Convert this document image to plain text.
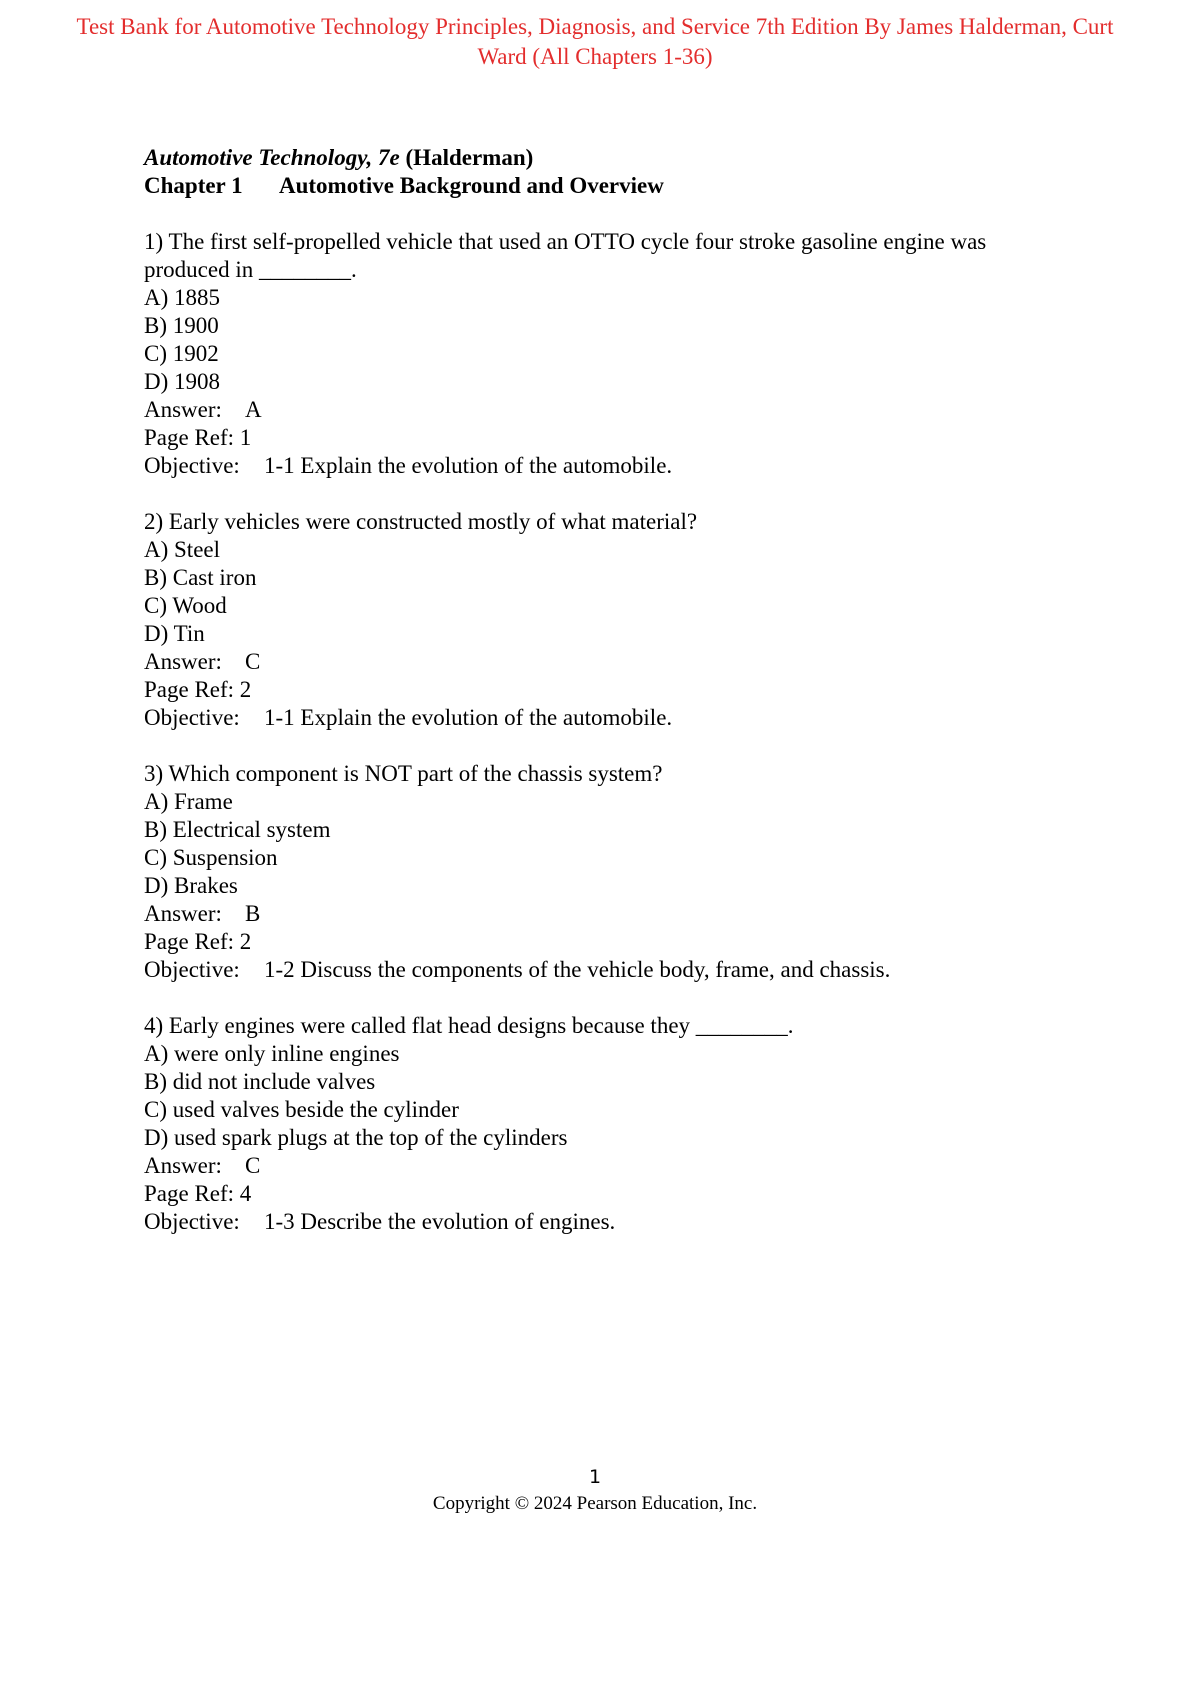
Test Bank for Automotive Technology Principles, Diagnosis, and Service 7th Edition By James Halderman, Curt Ward (All Chapters 1-36)

Automotive Technology, 7e (Halderman)

Chapter 1 Automotive Background and Overview

1) The first self-propelled vehicle that used an OTTO cycle four stroke gasoline engine was produced in ________.

A) 1885

B) 1900

C) 1902

D) 1908

Answer: A

Page Ref: 1

Objective: 1-1 Explain the evolution of the automobile.

2) Early vehicles were constructed mostly of what material?

A) Steel

B) Cast iron

C) Wood

D) Tin

Answer: C

Page Ref: 2

Objective: 1-1 Explain the evolution of the automobile.

3) Which component is NOT part of the chassis system?

A) Frame

B) Electrical system

C) Suspension

D) Brakes

Answer: B

Page Ref: 2

Objective: 1-2 Discuss the components of the vehicle body, frame, and chassis.

4) Early engines were called flat head designs because they ________.

A) were only inline engines

B) did not include valves

C) used valves beside the cylinder

D) used spark plugs at the top of the cylinders

Answer: C

Page Ref: 4

Objective: 1-3 Describe the evolution of engines.

1
Copyright © 2024 Pearson Education, Inc.
